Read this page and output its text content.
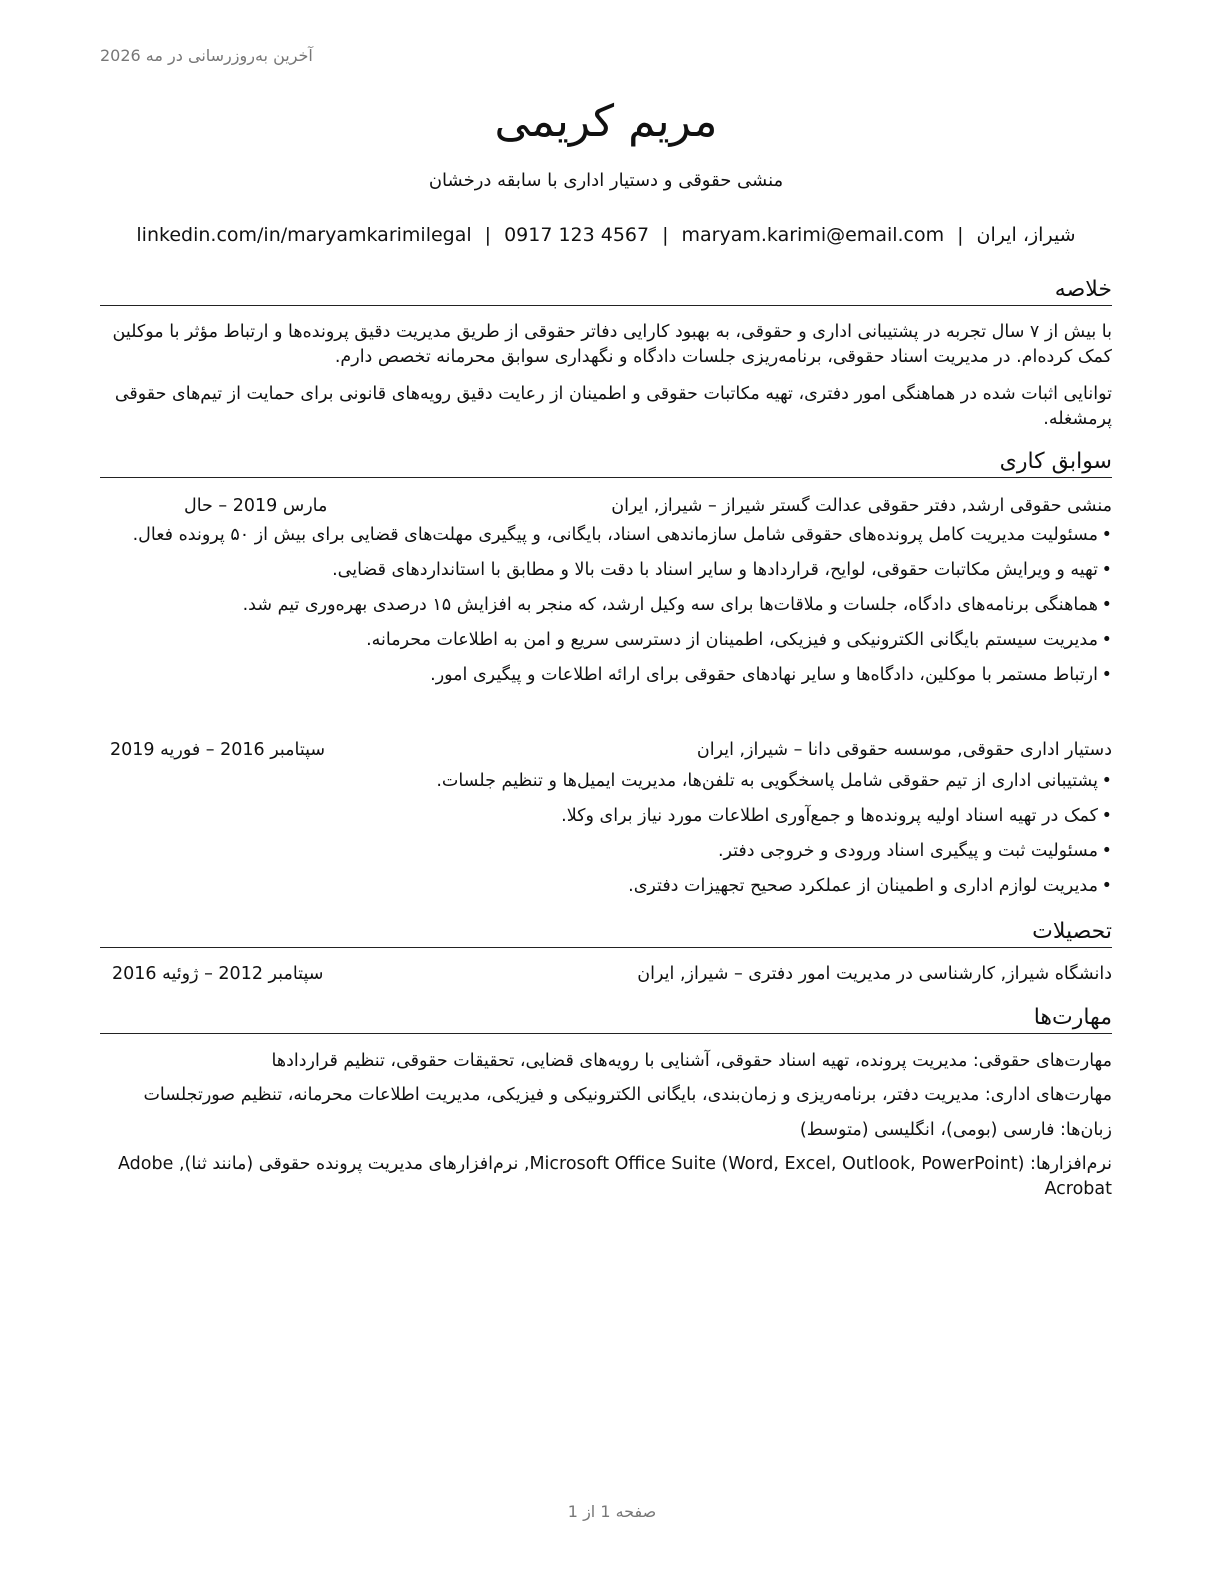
آخرین به‌روزرسانی در مه 2026
مریم کریمی
منشی حقوقی و دستیار اداری با سابقه درخشان
شیراز، ایران|maryam.karimi@email.com|0917 123 4567|linkedin.com/in/maryamkarimilegal
خلاصه

با بیش از ۷ سال تجربه در پشتیبانی اداری و حقوقی، به بهبود کارایی دفاتر حقوقی از طریق مدیریت دقیق پرونده‌ها و ارتباط مؤثر با موکلین کمک کرده‌ام. در مدیریت اسناد حقوقی، برنامه‌ریزی جلسات دادگاه و نگهداری سوابق محرمانه تخصص دارم.

توانایی اثبات شده در هماهنگی امور دفتری، تهیه مکاتبات حقوقی و اطمینان از رعایت دقیق رویه‌های قانونی برای حمایت از تیم‌های حقوقی پرمشغله.

سوابق کاری
منشی حقوقی ارشد, دفتر حقوقی عدالت گستر شیراز – شیراز, ایران
مارس 2019 – حال
• مسئولیت مدیریت کامل پرونده‌های حقوقی شامل سازماندهی اسناد، بایگانی، و پیگیری مهلت‌های قضایی برای بیش از ۵۰ پرونده فعال.
• تهیه و ویرایش مکاتبات حقوقی، لوایح، قراردادها و سایر اسناد با دقت بالا و مطابق با استانداردهای قضایی.
• هماهنگی برنامه‌های دادگاه، جلسات و ملاقات‌ها برای سه وکیل ارشد، که منجر به افزایش ۱۵ درصدی بهره‌وری تیم شد.
• مدیریت سیستم بایگانی الکترونیکی و فیزیکی، اطمینان از دسترسی سریع و امن به اطلاعات محرمانه.
• ارتباط مستمر با موکلین، دادگاه‌ها و سایر نهادهای حقوقی برای ارائه اطلاعات و پیگیری امور.
دستیار اداری حقوقی, موسسه حقوقی دانا – شیراز, ایران
سپتامبر 2016 – فوریه 2019
• پشتیبانی اداری از تیم حقوقی شامل پاسخگویی به تلفن‌ها، مدیریت ایمیل‌ها و تنظیم جلسات.
• کمک در تهیه اسناد اولیه پرونده‌ها و جمع‌آوری اطلاعات مورد نیاز برای وکلا.
• مسئولیت ثبت و پیگیری اسناد ورودی و خروجی دفتر.
• مدیریت لوازم اداری و اطمینان از عملکرد صحیح تجهیزات دفتری.
تحصیلات
دانشگاه شیراز, کارشناسی در مدیریت امور دفتری – شیراز, ایران
سپتامبر 2012 – ژوئیه 2016
مهارت‌ها
مهارت‌های حقوقی: مدیریت پرونده، تهیه اسناد حقوقی، آشنایی با رویه‌های قضایی، تحقیقات حقوقی، تنظیم قراردادها
مهارت‌های اداری: مدیریت دفتر، برنامه‌ریزی و زمان‌بندی، بایگانی الکترونیکی و فیزیکی، مدیریت اطلاعات محرمانه، تنظیم صورتجلسات
زبان‌ها: فارسی (بومی)، انگلیسی (متوسط)
نرم‌افزارها: Microsoft Office Suite (Word, Excel, Outlook, PowerPoint), نرم‌افزارهای مدیریت پرونده حقوقی (مانند ثنا), Adobe Acrobat
صفحه 1 از 1
